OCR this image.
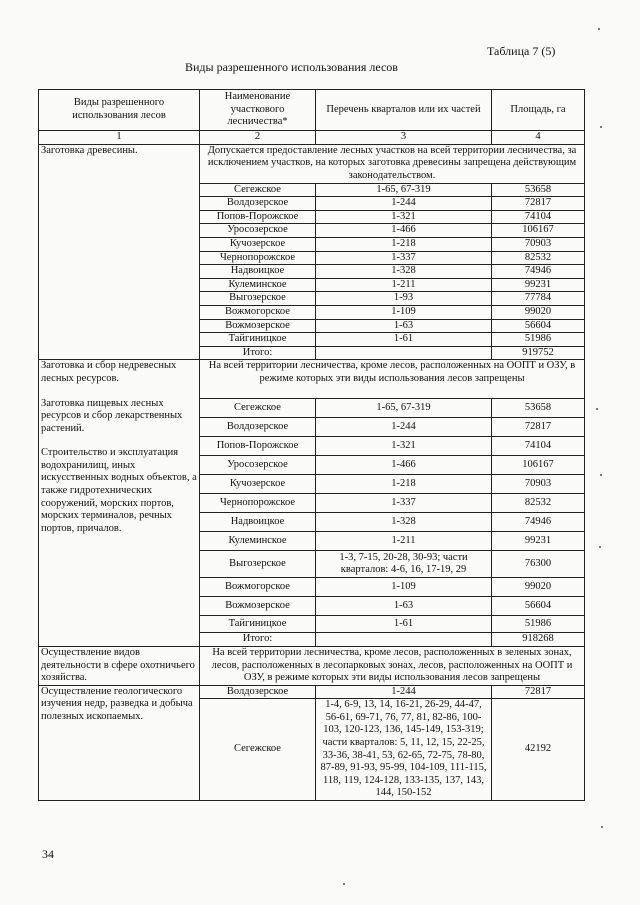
Таблица 7 (5)
Виды разрешенного использования лесов
Виды разрешенного использования лесов	Наименование участкового лесничества*	Перечень кварталов или их частей	Площадь, га
1	2	3	4
Заготовка древесины.	Допускается предоставление лесных участков на всей территории лесничества, за исключением участков, на которых заготовка древесины запрещена действующим законодательством.		
	Сегежское	1-65, 67-319	53658
	Волдозерское	1-244	72817
	Попов-Порожское	1-321	74104
	Уросозерское	1-466	106167
	Кучозерское	1-218	70903
	Чернопорожское	1-337	82532
	Надвоицкое	1-328	74946
	Кулеминское	1-211	99231
	Выгозерское	1-93	77784
	Вожмогорское	1-109	99020
	Вожмозерское	1-63	56604
	Тайгиницкое	1-61	51986
	Итого:		919752

Заготовка и сбор недревесных лесных ресурсов.
Заготовка пищевых лесных ресурсов и сбор лекарственных растений.
Строительство и эксплуатация водохранилищ, иных искусственных водных объектов, а также гидротехнических сооружений, морских портов, морских терминалов, речных портов, причалов.	На всей территории лесничества, кроме лесов, расположенных на ООПТ и ОЗУ, в режиме которых эти виды использования лесов запрещены		
	Сегежское	1-65, 67-319	53658
	Волдозерское	1-244	72817
	Попов-Порожское	1-321	74104
	Уросозерское	1-466	106167
	Кучозерское	1-218	70903
	Чернопорожское	1-337	82532
	Надвоицкое	1-328	74946
	Кулеминское	1-211	99231
	Выгозерское	1-3, 7-15, 20-28, 30-93; части кварталов: 4-6, 16, 17-19, 29	76300
	Вожмогорское	1-109	99020
	Вожмозерское	1-63	56604
	Тайгиницкое	1-61	51986
	Итого:		918268
Осуществление видов деятельности в сфере охотничьего хозяйства.	На всей территории лесничества, кроме лесов, расположенных в зеленых зонах, лесов, расположенных в лесопарковых зонах, лесов, расположенных на ООПТ и ОЗУ, в режиме которых эти виды использования лесов запрещены		
Осуществление геологического изучения недр, разведка и добыча полезных ископаемых.	Волдозерское	1-244	72817
	Сегежское	1-4, 6-9, 13, 14, 16-21, 26-29, 44-47, 56-61, 69-71, 76, 77, 81, 82-86, 100-103, 120-123, 136, 145-149, 153-319; части кварталов: 5, 11, 12, 15, 22-25, 33-36, 38-41, 53, 62-65, 72-75, 78-80, 87-89, 91-93, 95-99, 104-109, 111-115, 118, 119, 124-128, 133-135, 137, 143, 144, 150-152	42192
34
